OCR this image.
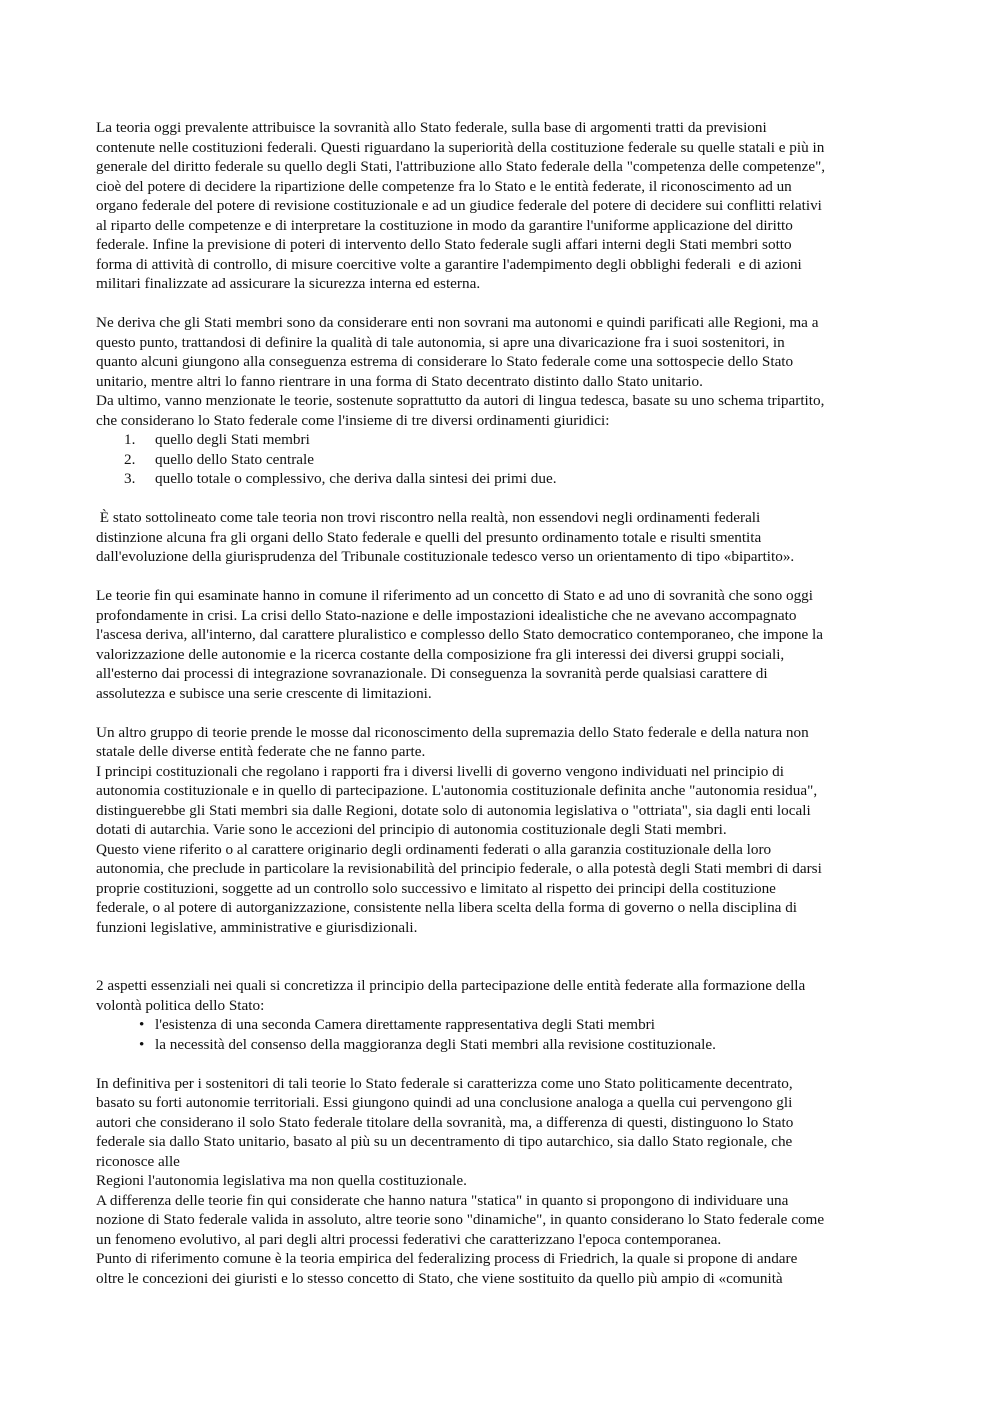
La teoria oggi prevalente attribuisce la sovranità allo Stato federale, sulla base di argomenti tratti da previsioni
contenute nelle costituzioni federali. Questi riguardano la superiorità della costituzione federale su quelle statali e più in
generale del diritto federale su quello degli Stati, l'attribuzione allo Stato federale della "competenza delle competenze",
cioè del potere di decidere la ripartizione delle competenze fra lo Stato e le entità federate, il riconoscimento ad un
organo federale del potere di revisione costituzionale e ad un giudice federale del potere di decidere sui conflitti relativi
al riparto delle competenze e di interpretare la costituzione in modo da garantire l'uniforme applicazione del diritto
federale. Infine la previsione di poteri di intervento dello Stato federale sugli affari interni degli Stati membri sotto
forma di attività di controllo, di misure coercitive volte a garantire l'adempimento degli obblighi federali  e di azioni
militari finalizzate ad assicurare la sicurezza interna ed esterna.
Ne deriva che gli Stati membri sono da considerare enti non sovrani ma autonomi e quindi parificati alle Regioni, ma a
questo punto, trattandosi di definire la qualità di tale autonomia, si apre una divaricazione fra i suoi sostenitori, in
quanto alcuni giungono alla conseguenza estrema di considerare lo Stato federale come una sottospecie dello Stato
unitario, mentre altri lo fanno rientrare in una forma di Stato decentrato distinto dallo Stato unitario.
Da ultimo, vanno menzionate le teorie, sostenute soprattutto da autori di lingua tedesca, basate su uno schema tripartito,
che considerano lo Stato federale come l'insieme di tre diversi ordinamenti giuridici:
1. quello degli Stati membri
2. quello dello Stato centrale
3. quello totale o complessivo, che deriva dalla sintesi dei primi due.
È stato sottolineato come tale teoria non trovi riscontro nella realtà, non essendovi negli ordinamenti federali
distinzione alcuna fra gli organi dello Stato federale e quelli del presunto ordinamento totale e risulti smentita
dall'evoluzione della giurisprudenza del Tribunale costituzionale tedesco verso un orientamento di tipo «bipartito».
Le teorie fin qui esaminate hanno in comune il riferimento ad un concetto di Stato e ad uno di sovranità che sono oggi
profondamente in crisi. La crisi dello Stato-nazione e delle impostazioni idealistiche che ne avevano accompagnato
l'ascesa deriva, all'interno, dal carattere pluralistico e complesso dello Stato democratico contemporaneo, che impone la
valorizzazione delle autonomie e la ricerca costante della composizione fra gli interessi dei diversi gruppi sociali,
all'esterno dai processi di integrazione sovranazionale. Di conseguenza la sovranità perde qualsiasi carattere di
assolutezza e subisce una serie crescente di limitazioni.
Un altro gruppo di teorie prende le mosse dal riconoscimento della supremazia dello Stato federale e della natura non
statale delle diverse entità federate che ne fanno parte.
I principi costituzionali che regolano i rapporti fra i diversi livelli di governo vengono individuati nel principio di
autonomia costituzionale e in quello di partecipazione. L'autonomia costituzionale definita anche "autonomia residua",
distinguerebbe gli Stati membri sia dalle Regioni, dotate solo di autonomia legislativa o "ottriata", sia dagli enti locali
dotati di autarchia. Varie sono le accezioni del principio di autonomia costituzionale degli Stati membri.
Questo viene riferito o al carattere originario degli ordinamenti federati o alla garanzia costituzionale della loro
autonomia, che preclude in particolare la revisionabilità del principio federale, o alla potestà degli Stati membri di darsi
proprie costituzioni, soggette ad un controllo solo successivo e limitato al rispetto dei principi della costituzione
federale, o al potere di autorganizzazione, consistente nella libera scelta della forma di governo o nella disciplina di
funzioni legislative, amministrative e giurisdizionali.
2 aspetti essenziali nei quali si concretizza il principio della partecipazione delle entità federate alla formazione della
volontà politica dello Stato:
• l'esistenza di una seconda Camera direttamente rappresentativa degli Stati membri
• la necessità del consenso della maggioranza degli Stati membri alla revisione costituzionale.
In definitiva per i sostenitori di tali teorie lo Stato federale si caratterizza come uno Stato politicamente decentrato,
basato su forti autonomie territoriali. Essi giungono quindi ad una conclusione analoga a quella cui pervengono gli
autori che considerano il solo Stato federale titolare della sovranità, ma, a differenza di questi, distinguono lo Stato
federale sia dallo Stato unitario, basato al più su un decentramento di tipo autarchico, sia dallo Stato regionale, che
riconosce alle
Regioni l'autonomia legislativa ma non quella costituzionale.
A differenza delle teorie fin qui considerate che hanno natura "statica" in quanto si propongono di individuare una
nozione di Stato federale valida in assoluto, altre teorie sono "dinamiche", in quanto considerano lo Stato federale come
un fenomeno evolutivo, al pari degli altri processi federativi che caratterizzano l'epoca contemporanea.
Punto di riferimento comune è la teoria empirica del federalizing process di Friedrich, la quale si propone di andare
oltre le concezioni dei giuristi e lo stesso concetto di Stato, che viene sostituito da quello più ampio di «comunità
